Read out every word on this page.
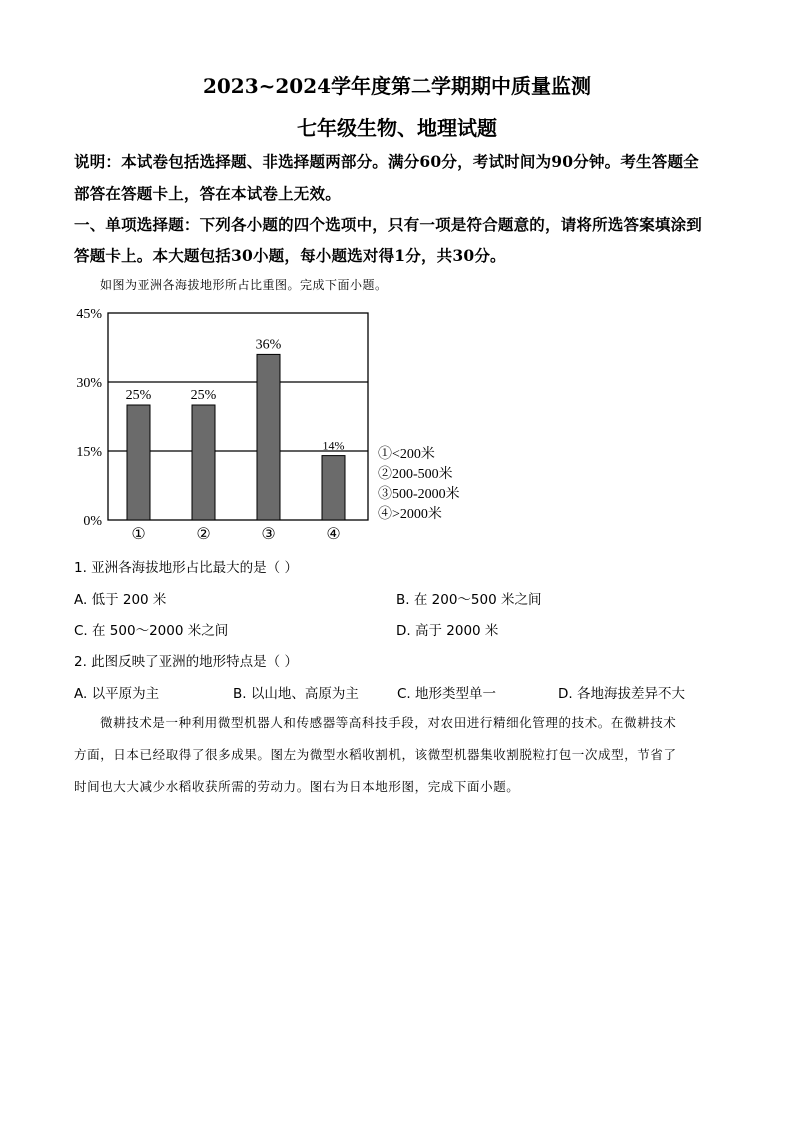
2023~2024学年度第二学期期中质量监测
七年级生物、地理试题
说明：本试卷包括选择题、非选择题两部分。满分60分，考试时间为90分钟。考生答题全
部答在答题卡上，答在本试卷上无效。
一、单项选择题：下列各小题的四个选项中，只有一项是符合题意的，请将所选答案填涂到
答题卡上。本大题包括30小题，每小题选对得1分，共30分。
如图为亚洲各海拔地形所占比重图。完成下面小题。
0%
15%
30%
45%
25%
①
25%
②
36%
③
14%
④
①<200米
②200-500米
③500-2000米
④>2000米
1. 亚洲各海拔地形占比最大的是（ ）
A. 低于 200 米	B. 在 200～500 米之间
C. 在 500～2000 米之间	D. 高于 2000 米
2. 此图反映了亚洲的地形特点是（ ）
A. 以平原为主	B. 以山地、高原为主	C. 地形类型单一	D. 各地海拔差异不大
微耕技术是一种利用微型机器人和传感器等高科技手段，对农田进行精细化管理的技术。在微耕技术
方面，日本已经取得了很多成果。图左为微型水稻收割机，该微型机器集收割脱粒打包一次成型，节省了
时间也大大减少水稻收获所需的劳动力。图右为日本地形图，完成下面小题。
